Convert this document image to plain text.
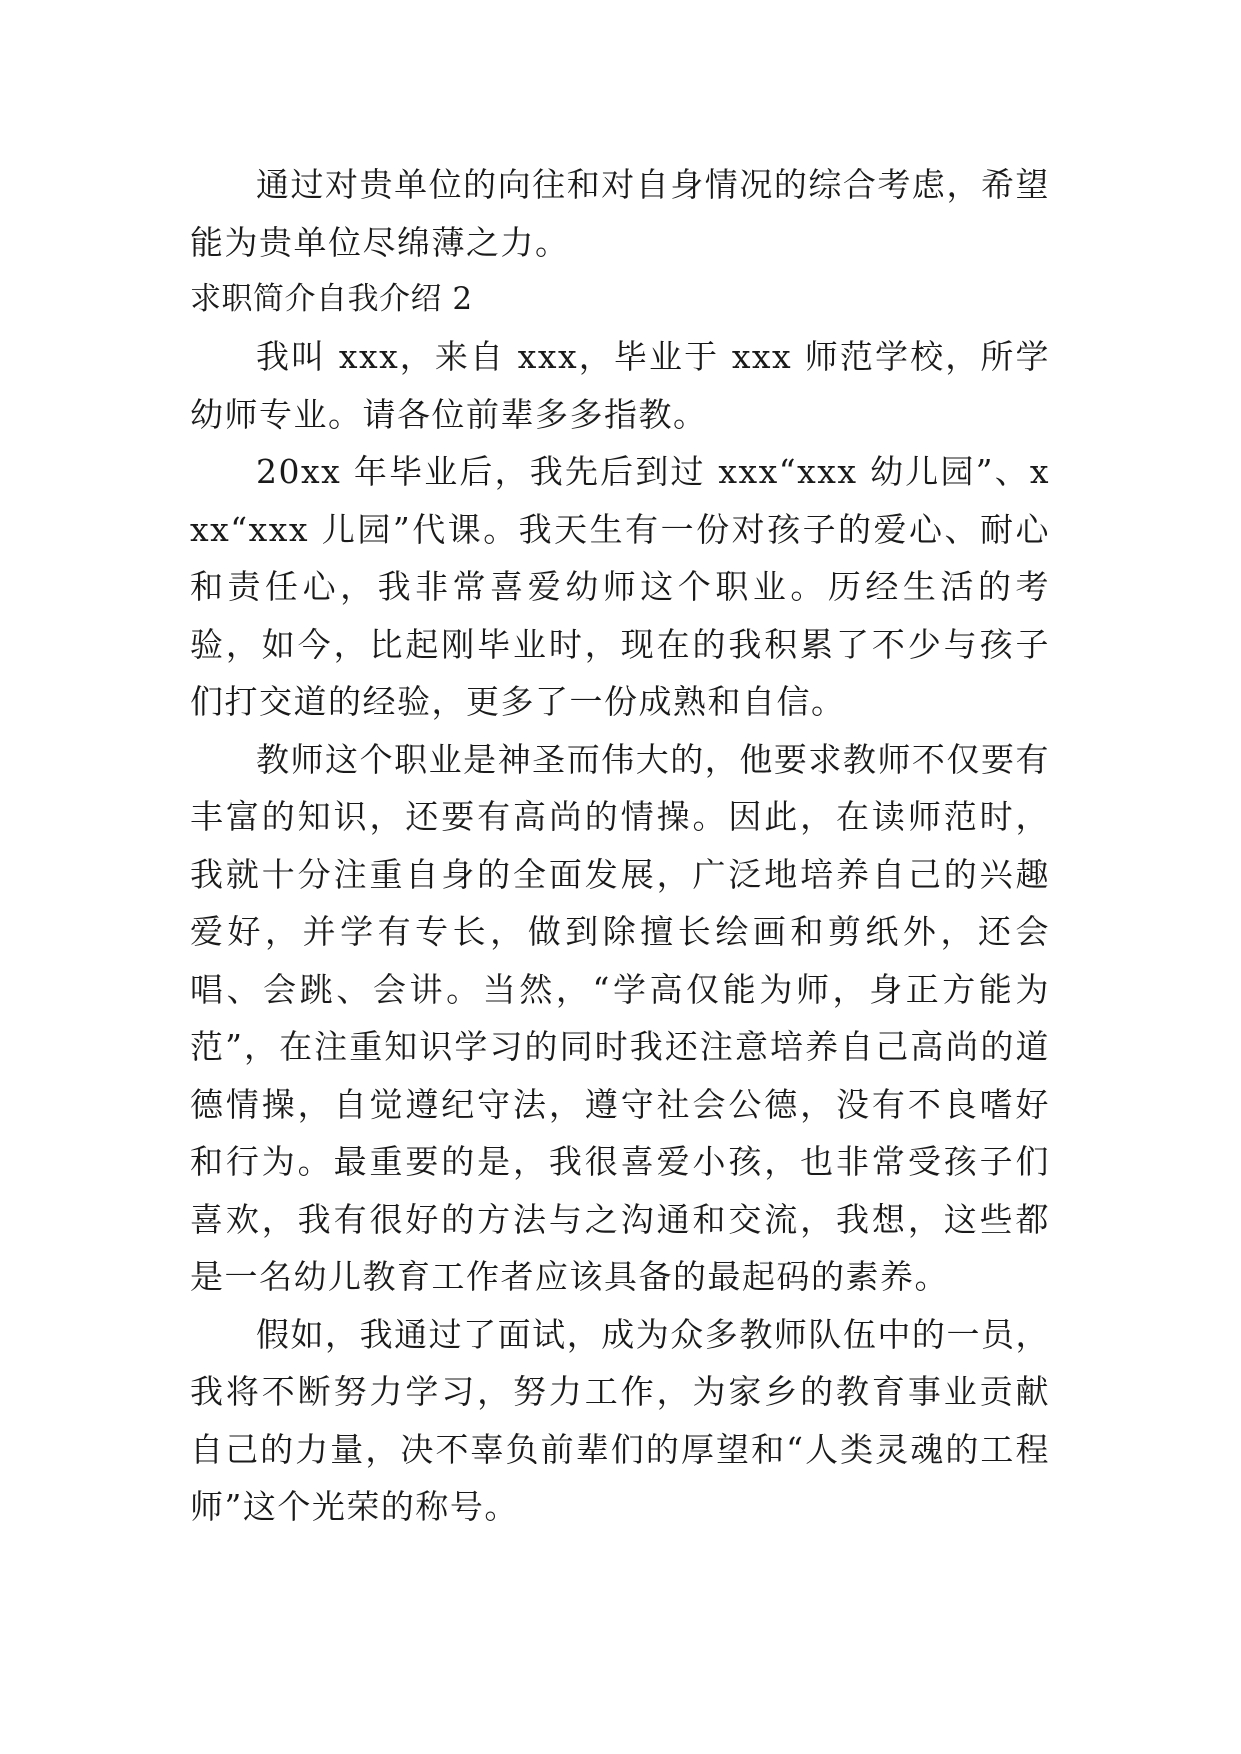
通过对贵单位的向往和对自身情况的综合考虑，希望能为贵单位尽绵薄之力。

求职简介自我介绍 2

我叫 xxx，来自 xxx，毕业于 xxx 师范学校，所学幼师专业。请各位前辈多多指教。

20xx 年毕业后，我先后到过 xxx“xxx 幼儿园”、xxx“xxx 儿园”代课。我天生有一份对孩子的爱心、耐心和责任心，我非常喜爱幼师这个职业。历经生活的考验，如今，比起刚毕业时，现在的我积累了不少与孩子们打交道的经验，更多了一份成熟和自信。

教师这个职业是神圣而伟大的，他要求教师不仅要有丰富的知识，还要有高尚的情操。因此，在读师范时，我就十分注重自身的全面发展，广泛地培养自己的兴趣爱好，并学有专长，做到除擅长绘画和剪纸外，还会唱、会跳、会讲。当然，“学高仅能为师，身正方能为范”，在注重知识学习的同时我还注意培养自己高尚的道德情操，自觉遵纪守法，遵守社会公德，没有不良嗜好和行为。最重要的是，我很喜爱小孩，也非常受孩子们喜欢，我有很好的方法与之沟通和交流，我想，这些都是一名幼儿教育工作者应该具备的最起码的素养。

假如，我通过了面试，成为众多教师队伍中的一员，我将不断努力学习，努力工作，为家乡的教育事业贡献自己的力量，决不辜负前辈们的厚望和“人类灵魂的工程师”这个光荣的称号。
